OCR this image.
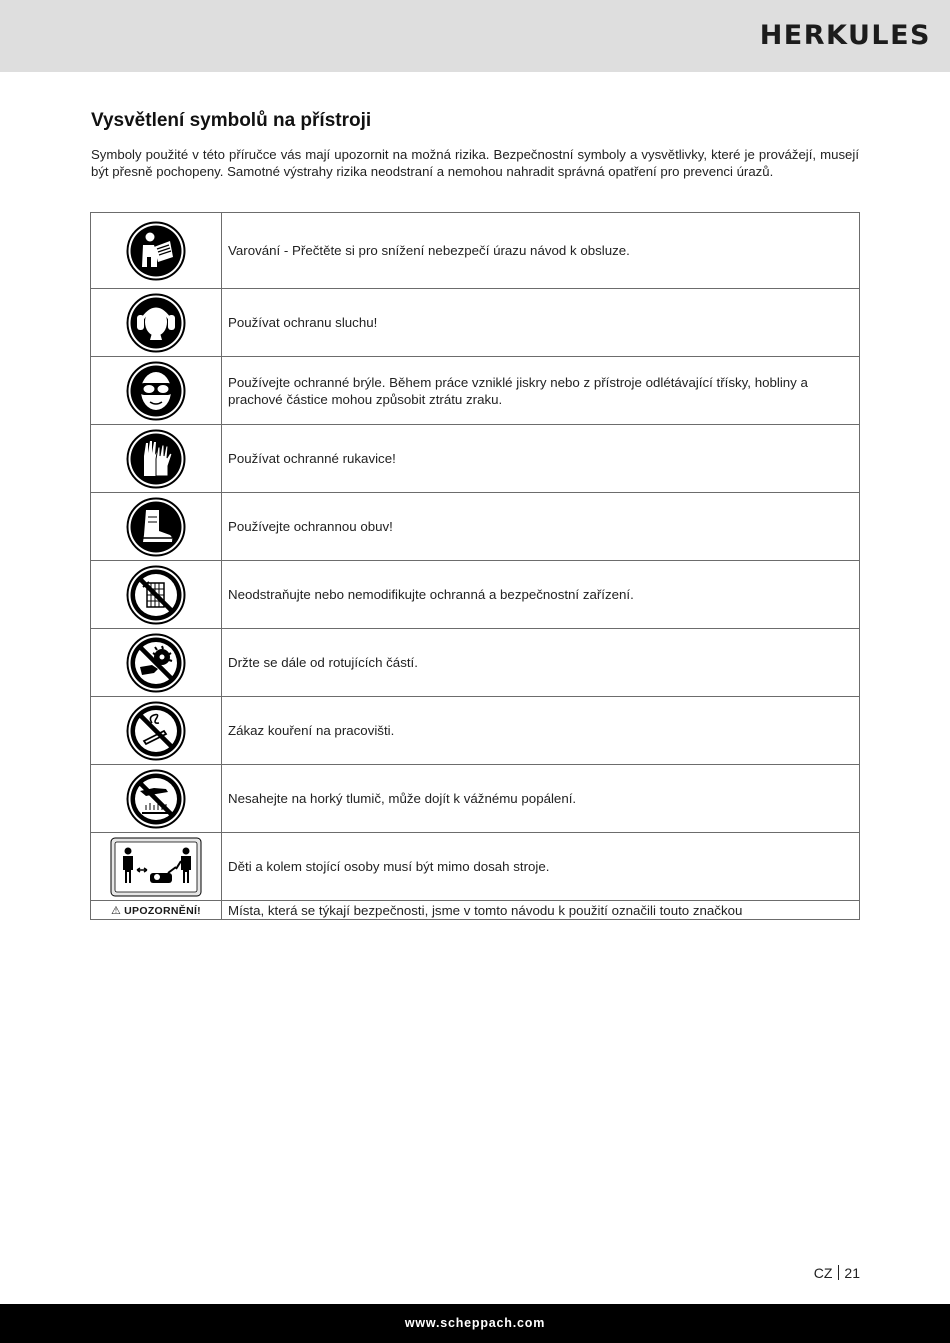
HERKULES
Vysvětlení symbolů na přístroji

Symboly použité v této příručce vás mají upozornit na možná rizika. Bezpečnostní symboly a vysvětlivky, které je provážejí, musejí být přesně pochopeny. Samotné výstrahy rizika neodstraní a nemohou nahradit správná opatření pro prevenci úrazů.

	Varování - Přečtěte si pro snížení nebezpečí úrazu návod k obsluze.

	Používat ochranu sluchu!

	Používejte ochranné brýle. Během práce vzniklé jiskry nebo z přístroje odlétávající třísky, hobliny a prachové částice mohou způsobit ztrátu zraku.

	Používat ochranné rukavice!

	Používejte ochrannou obuv!

	Neodstraňujte nebo nemodifikujte ochranná a bezpečnostní zařízení.

	Držte se dále od rotujících částí.

	Zákaz kouření na pracovišti.

	Nesahejte na horký tlumič, může dojít k vážnému popálení.

	Děti a kolem stojící osoby musí být mimo dosah stroje.
⚠ UPOZORNĚNÍ!	Místa, která se týkají bezpečnosti, jsme v tomto návodu k použití označili touto značkou
CZ 21
www.scheppach.com
